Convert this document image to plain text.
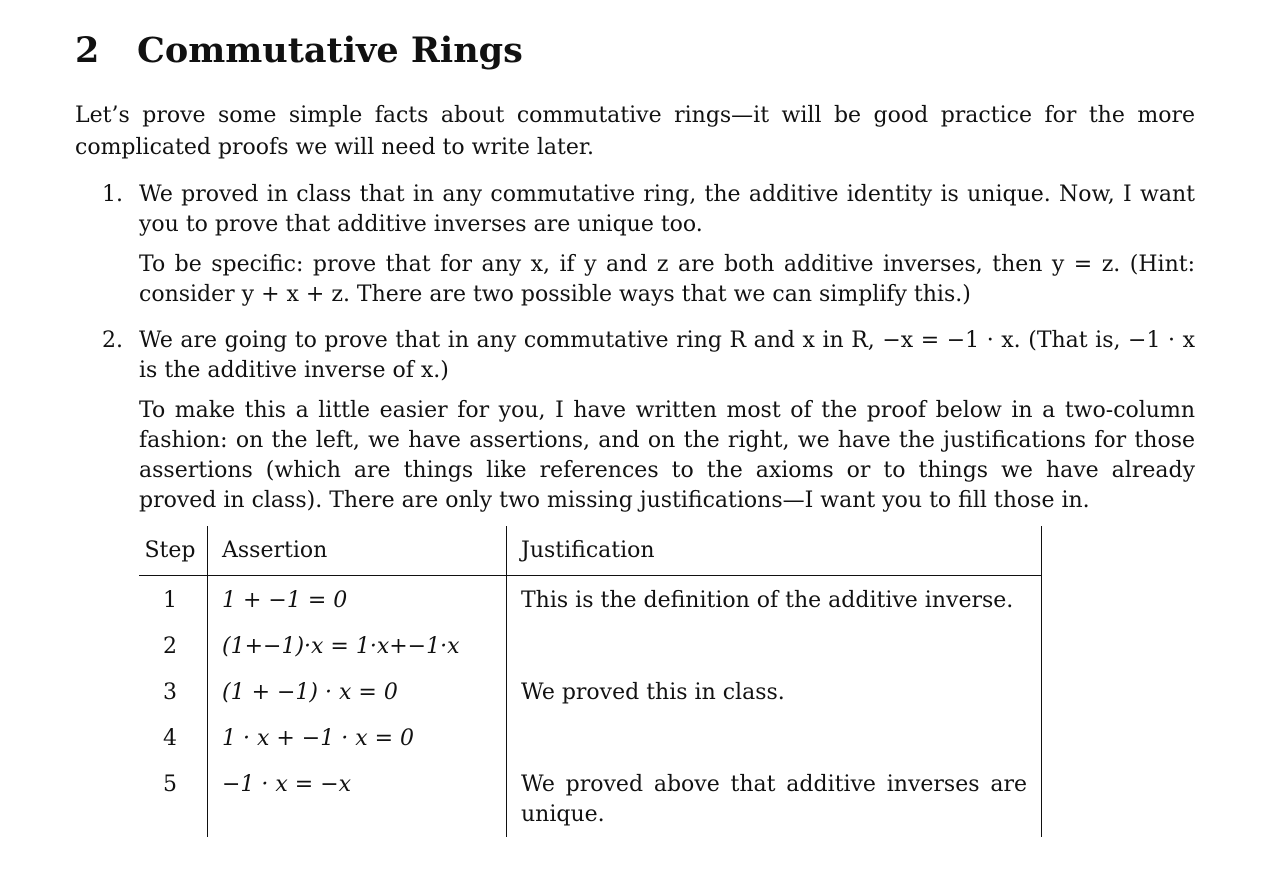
2	Commutative Rings

Let’s prove some simple facts about commutative rings—it will be good practice for the more complicated proofs we will need to write later.

1. We proved in class that in any commutative ring, the additive identity is unique. Now, I want you to prove that additive inverses are unique too.

To be specific: prove that for any x, if y and z are both additive inverses, then y = z. (Hint: consider y + x + z. There are two possible ways that we can simplify this.)

2. We are going to prove that in any commutative ring R and x in R, −x = −1 · x. (That is, −1 · x is the additive inverse of x.)

To make this a little easier for you, I have written most of the proof below in a two-column fashion: on the left, we have assertions, and on the right, we have the justifications for those assertions (which are things like references to the axioms or to things we have already proved in class). There are only two missing justifications—I want you to fill those in.

Step	Assertion	Justification
1	1 + −1 = 0	This is the definition of the additive inverse.
2	(1+−1)·x = 1·x+−1·x	
3	(1 + −1) · x = 0	We proved this in class.
4	1 · x + −1 · x = 0	
5	−1 · x = −x	We proved above that additive inverses are unique.
